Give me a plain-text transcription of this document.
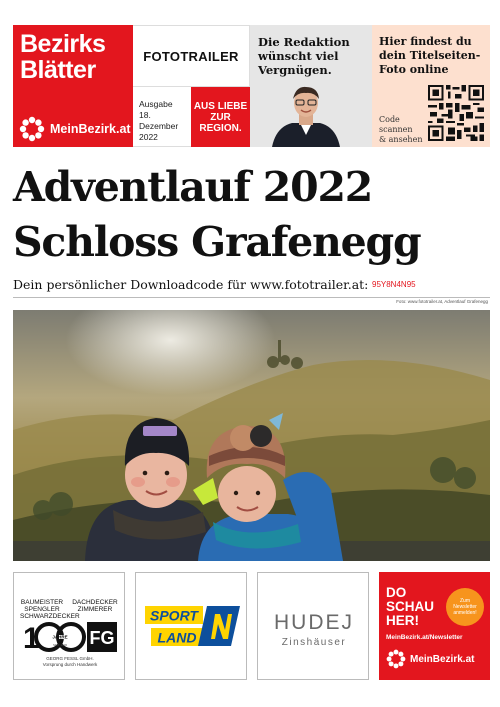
Bezirks Blätter
MeinBezirk.at
FOTOTRAILER
Ausgabe
18. Dezember
2022
AUS LIEBE
ZUR
REGION.
Die Redaktion
wünscht viel
Vergnügen.
Hier findest du
dein Titelseiten-
Foto online
Code
scannen
& ansehen
Adventlauf 2022
Schloss Grafenegg
Dein persönlicher Downloadcode für www.fototrailer.at: 95Y8N4N95
Foto: www.fototrailer.at, Adventlauf Grafenegg
BAUMEISTER
SPENGLER
SCHWARZDECKER
DACHDECKER
ZIMMERER
1	JAHRE
SEIT 1920 FG
GEORG FESSL GmbH.
Vorsprung durch Handwerk
SPORT
LAND
HUDEJ
Zinshäuser
DO
SCHAU
HER!
Zum
Newsletter
anmelden!
MeinBezirk.at/Newsletter
MeinBezirk.at
